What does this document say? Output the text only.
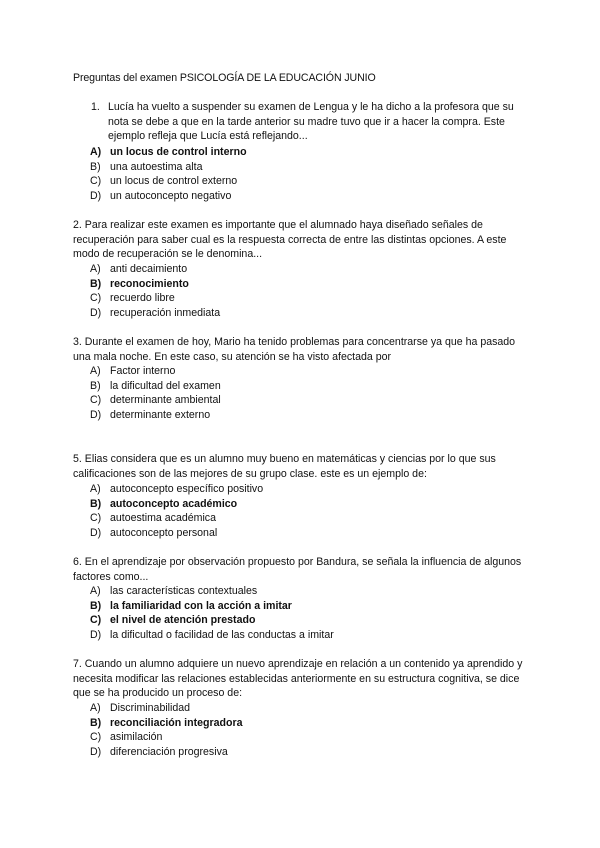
Preguntas del examen PSICOLOGÍA DE LA EDUCACIÓN JUNIO
1. Lucía ha vuelto a suspender su examen de Lengua y le ha dicho a la profesora que su nota se debe a que en la tarde anterior su madre tuvo que ir a hacer la compra. Este ejemplo refleja que Lucía está reflejando...
A) un locus de control interno
B) una autoestima alta
C) un locus de control externo
D) un autoconcepto negativo
2. Para realizar este examen es importante que el alumnado haya diseñado señales de recuperación para saber cual es la respuesta correcta de entre las distintas opciones. A este modo de recuperación se le denomina...
A) anti decaimiento
B) reconocimiento
C) recuerdo libre
D) recuperación inmediata
3. Durante el examen de hoy, Mario ha tenido problemas para concentrarse ya que ha pasado una mala noche. En este caso, su atención se ha visto afectada por
A) Factor interno
B) la dificultad del examen
C) determinante ambiental
D) determinante externo
5. Elias considera que es un alumno muy bueno en matemáticas y ciencias por lo que sus calificaciones son de las mejores de su grupo clase. este es un ejemplo de:
A) autoconcepto específico positivo
B) autoconcepto académico
C) autoestima académica
D) autoconcepto personal
6. En el aprendizaje por observación propuesto por Bandura, se señala la influencia de algunos factores como...
A) las características contextuales
B) la familiaridad con la acción a imitar
C) el nivel de atención prestado
D) la dificultad o facilidad de las conductas a imitar
7. Cuando un alumno adquiere un nuevo aprendizaje en relación a un contenido ya aprendido y necesita modificar las relaciones establecidas anteriormente en su estructura cognitiva, se dice que se ha producido un proceso de:
A) Discriminabilidad
B) reconciliación integradora
C) asimilación
D) diferenciación progresiva
